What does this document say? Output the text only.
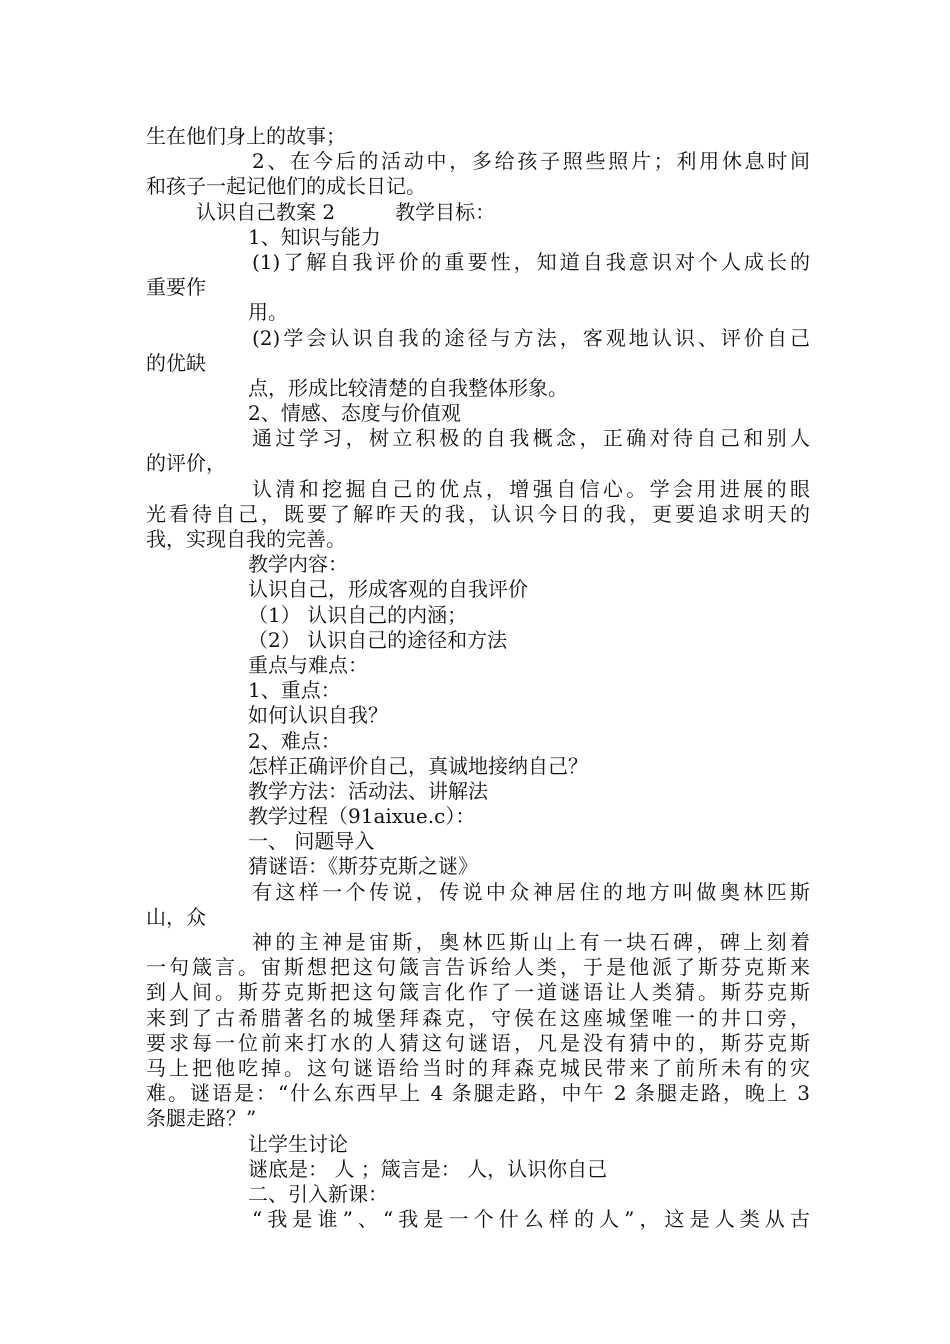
生在他们身上的故事；
2、在今后的活动中，多给孩子照些照片；利用休息时间
和孩子一起记他们的成长日记。
认识自己教案 2　　　教学目标：
1、知识与能力
(1)了解自我评价的重要性，知道自我意识对个人成长的
重要作
用。
(2)学会认识自我的途径与方法，客观地认识、评价自己
的优缺
点，形成比较清楚的自我整体形象。
2、情感、态度与价值观
通过学习，树立积极的自我概念，正确对待自己和别人
的评价，
认清和挖掘自己的优点，增强自信心。学会用进展的眼
光看待自己，既要了解昨天的我，认识今日的我，更要追求明天的
我，实现自我的完善。
教学内容：
认识自己，形成客观的自我评价
（1） 认识自己的内涵；
（2） 认识自己的途径和方法
重点与难点：
1、重点：
如何认识自我？
2、难点：
怎样正确评价自己，真诚地接纳自己？
教学方法：活动法、讲解法
教学过程（91aixue.c）：
一、 问题导入
猜谜语：《斯芬克斯之谜》
有这样一个传说，传说中众神居住的地方叫做奥林匹斯
山，众
神的主神是宙斯，奥林匹斯山上有一块石碑，碑上刻着
一句箴言。宙斯想把这句箴言告诉给人类，于是他派了斯芬克斯来
到人间。斯芬克斯把这句箴言化作了一道谜语让人类猜。斯芬克斯
来到了古希腊著名的城堡拜森克，守侯在这座城堡唯一的井口旁，
要求每一位前来打水的人猜这句谜语，凡是没有猜中的，斯芬克斯
马上把他吃掉。这句谜语给当时的拜森克城民带来了前所未有的灾
难。谜语是：“什么东西早上 4 条腿走路，中午 2 条腿走路，晚上 3
条腿走路？”
让学生讨论
谜底是： 人 ；箴言是： 人，认识你自己
二、引入新课：
“我是谁”、“我是一个什么样的人”，这是人类从古
